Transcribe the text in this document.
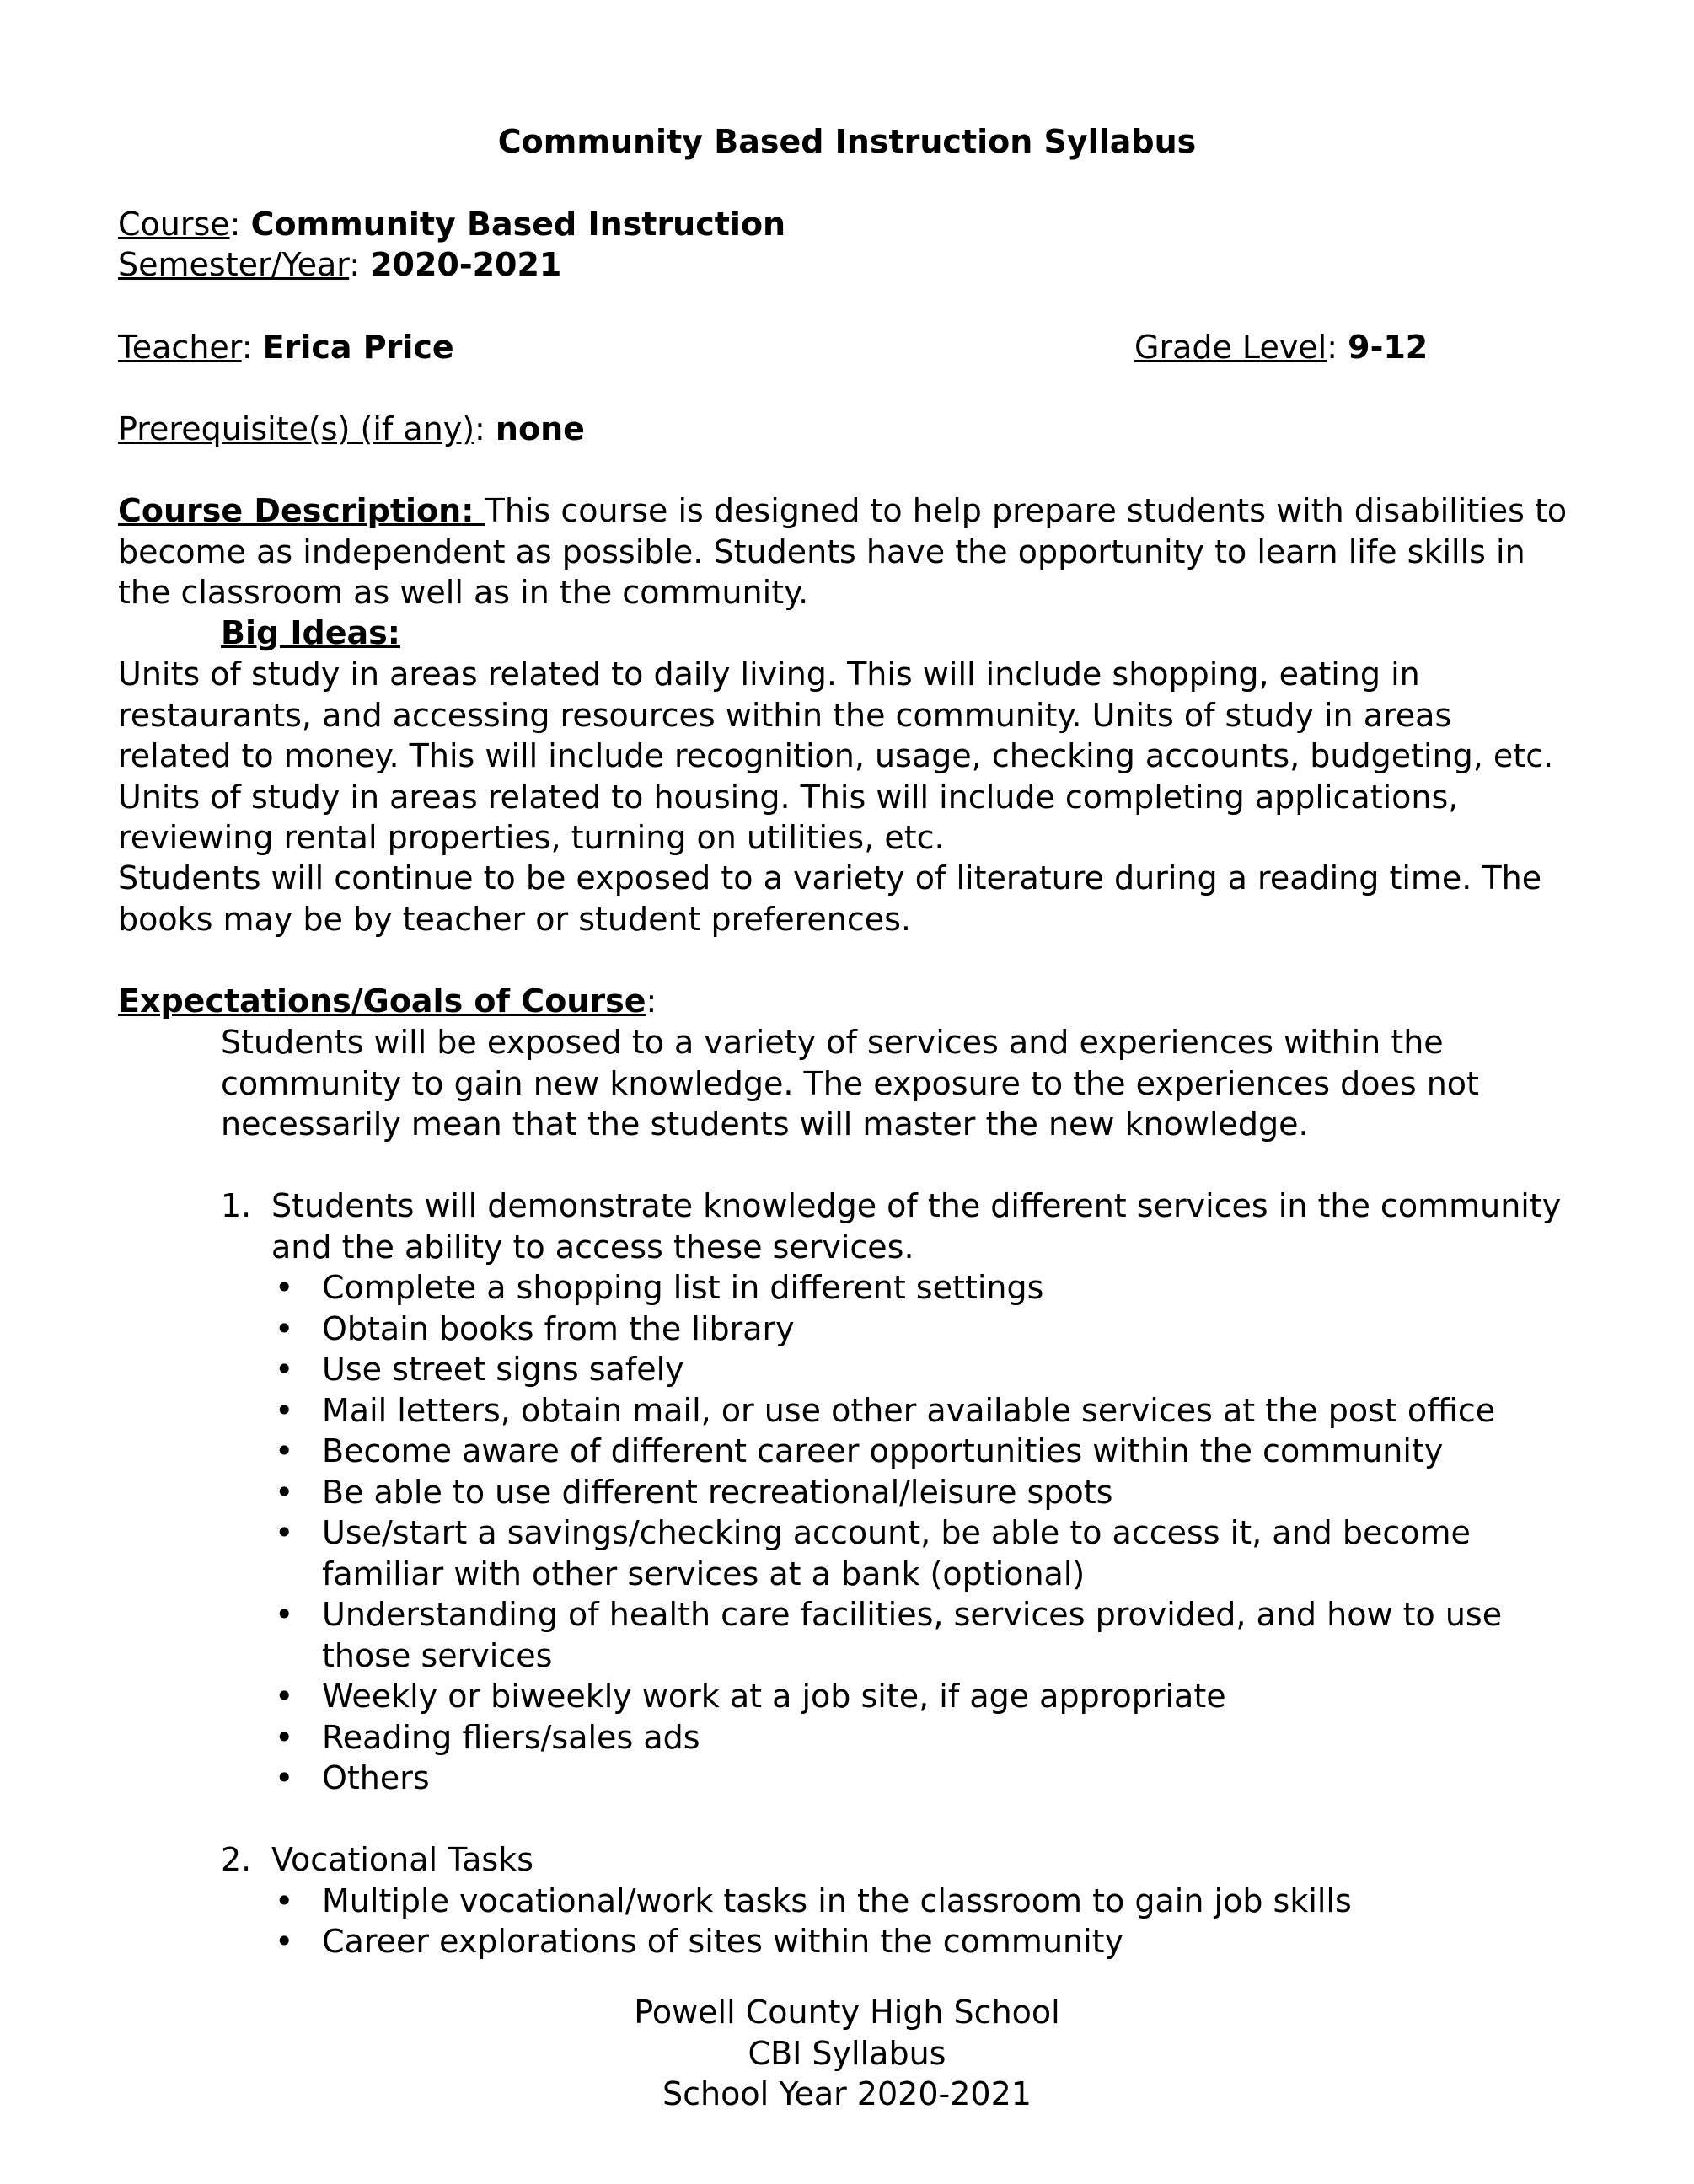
Community Based Instruction Syllabus
Course: Community Based Instruction
Semester/Year: 2020-2021
Teacher: Erica Price	Grade Level: 9-12
Prerequisite(s) (if any): none
Course Description: This course is designed to help prepare students with disabilities to become as independent as possible. Students have the opportunity to learn life skills in the classroom as well as in the community.
Big Ideas:
Units of study in areas related to daily living. This will include shopping, eating in restaurants, and accessing resources within the community. Units of study in areas related to money. This will include recognition, usage, checking accounts, budgeting, etc. Units of study in areas related to housing. This will include completing applications, reviewing rental properties, turning on utilities, etc.
Students will continue to be exposed to a variety of literature during a reading time. The books may be by teacher or student preferences.
Expectations/Goals of Course:
Students will be exposed to a variety of services and experiences within the community to gain new knowledge. The exposure to the experiences does not necessarily mean that the students will master the new knowledge.
1. Students will demonstrate knowledge of the different services in the community and the ability to access these services.
• Complete a shopping list in different settings
• Obtain books from the library
• Use street signs safely
• Mail letters, obtain mail, or use other available services at the post office
• Become aware of different career opportunities within the community
• Be able to use different recreational/leisure spots
• Use/start a savings/checking account, be able to access it, and become familiar with other services at a bank (optional)
• Understanding of health care facilities, services provided, and how to use those services
• Weekly or biweekly work at a job site, if age appropriate
• Reading fliers/sales ads
• Others
2. Vocational Tasks
• Multiple vocational/work tasks in the classroom to gain job skills
• Career explorations of sites within the community
Powell County High School
CBI Syllabus
School Year 2020-2021
